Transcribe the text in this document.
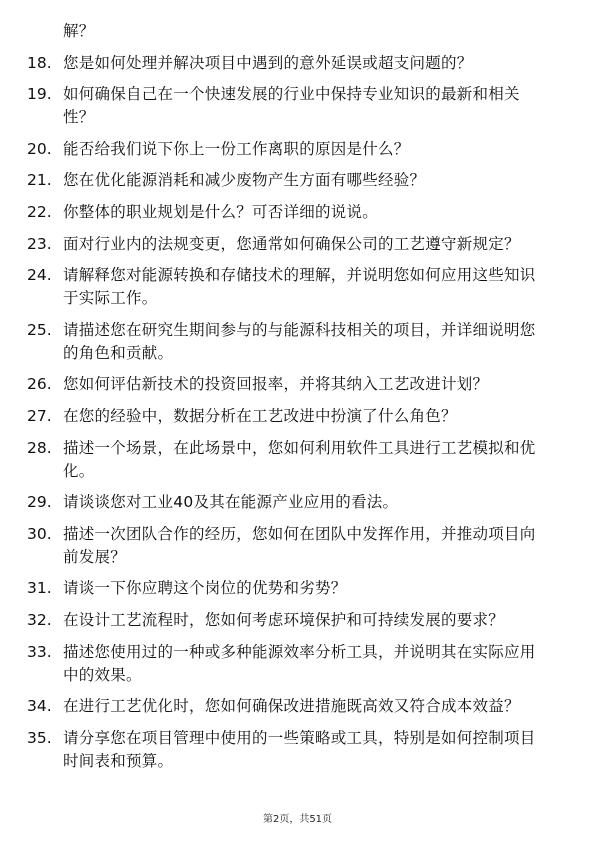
解？
18. 您是如何处理并解决项目中遇到的意外延误或超支问题的？
19. 如何确保自己在一个快速发展的行业中保持专业知识的最新和相关性？
20. 能否给我们说下你上一份工作离职的原因是什么？
21. 您在优化能源消耗和减少废物产生方面有哪些经验？
22. 你整体的职业规划是什么？可否详细的说说。
23. 面对行业内的法规变更，您通常如何确保公司的工艺遵守新规定？
24. 请解释您对能源转换和存储技术的理解，并说明您如何应用这些知识于实际工作。
25. 请描述您在研究生期间参与的与能源科技相关的项目，并详细说明您的角色和贡献。
26. 您如何评估新技术的投资回报率，并将其纳入工艺改进计划？
27. 在您的经验中，数据分析在工艺改进中扮演了什么角色？
28. 描述一个场景，在此场景中，您如何利用软件工具进行工艺模拟和优化。
29. 请谈谈您对工业40及其在能源产业应用的看法。
30. 描述一次团队合作的经历，您如何在团队中发挥作用，并推动项目向前发展？
31. 请谈一下你应聘这个岗位的优势和劣势？
32. 在设计工艺流程时，您如何考虑环境保护和可持续发展的要求？
33. 描述您使用过的一种或多种能源效率分析工具，并说明其在实际应用中的效果。
34. 在进行工艺优化时，您如何确保改进措施既高效又符合成本效益？
35. 请分享您在项目管理中使用的一些策略或工具，特别是如何控制项目时间表和预算。
第2页，共51页
